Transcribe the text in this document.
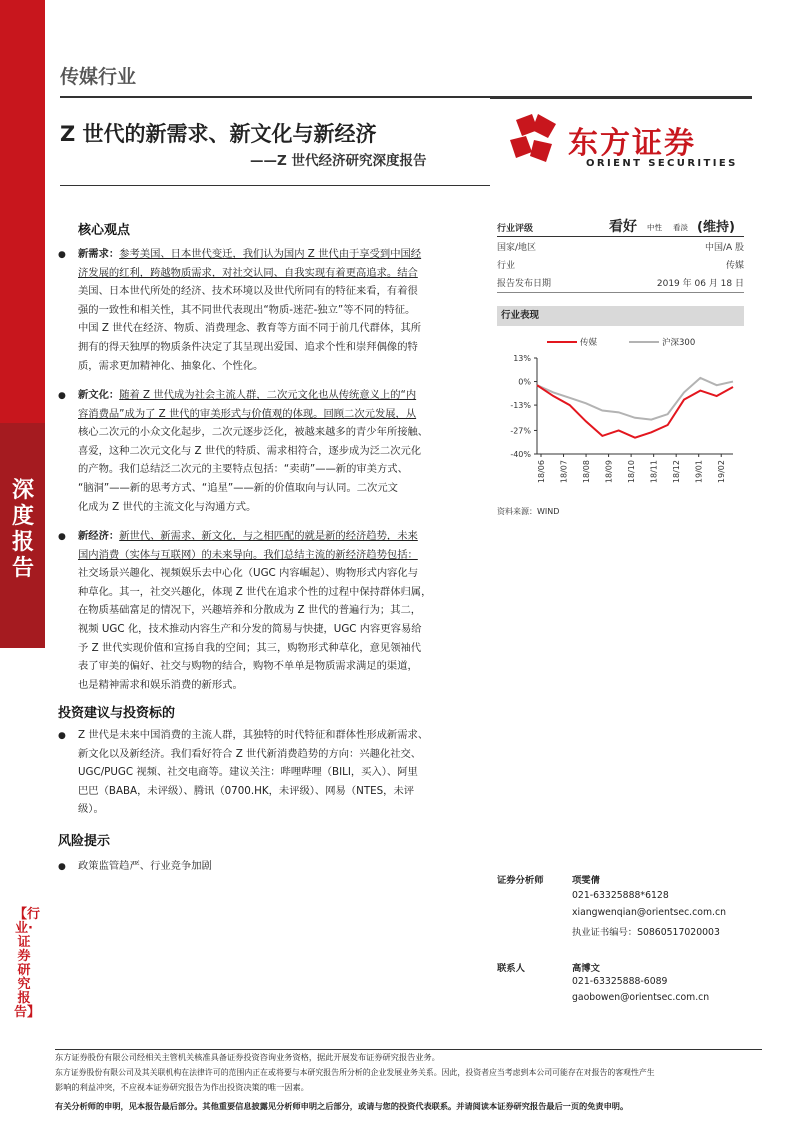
深度报告
【行业·证券研究报告】
传媒行业
Z 世代的新需求、新文化与新经济
——Z 世代经济研究深度报告	东方证券
ORIENT SECURITIES
核心观点
● 新需求：参考美国、日本世代变迁，我们认为国内 Z 世代由于享受到中国经
济发展的红利，跨越物质需求，对社交认同、自我实现有着更高追求。结合
美国、日本世代所处的经济、技术环境以及世代所同有的特征来看，有着很
强的一致性和相关性，其不同世代表现出“物质-迷茫-独立”等不同的特征。
中国 Z 世代在经济、物质、消费理念、教育等方面不同于前几代群体，其所
拥有的得天独厚的物质条件决定了其呈现出爱国、追求个性和崇拜偶像的特
质，需求更加精神化、抽象化、个性化。
● 新文化：随着 Z 世代成为社会主流人群，二次元文化也从传统意义上的“内
容消费品”成为了 Z 世代的审美形式与价值观的体现。回顾二次元发展，从
核心二次元的小众文化起步，二次元逐步泛化，被越来越多的青少年所接触、
喜爱，这种二次元文化与 Z 世代的特质、需求相符合，逐步成为泛二次元化
的产物。我们总结泛二次元的主要特点包括：“卖萌”——新的审美方式、
“脑洞”——新的思考方式、“追星”——新的价值取向与认同。二次元文
化成为 Z 世代的主流文化与沟通方式。
● 新经济：新世代、新需求、新文化，与之相匹配的就是新的经济趋势，未来
国内消费（实体与互联网）的未来导向。我们总结主流的新经济趋势包括：
社交场景兴趣化、视频娱乐去中心化（UGC 内容崛起）、购物形式内容化与
种草化。其一，社交兴趣化，体现 Z 世代在追求个性的过程中保持群体归属，
在物质基础富足的情况下，兴趣培养和分散成为 Z 世代的普遍行为；其二，
视频 UGC 化，技术推动内容生产和分发的简易与快捷，UGC 内容更容易给
予 Z 世代实现价值和宣扬自我的空间；其三，购物形式种草化，意见领袖代
表了审美的偏好、社交与购物的结合，购物不单单是物质需求满足的渠道，
也是精神需求和娱乐消费的新形式。
投资建议与投资标的
● Z 世代是未来中国消费的主流人群，其独特的时代特征和群体性形成新需求、
新文化以及新经济。我们看好符合 Z 世代新消费趋势的方向：兴趣化社交、
UGC/PUGC 视频、社交电商等。建议关注：哔哩哔哩（BILI，买入）、阿里
巴巴（BABA，未评级）、腾讯（0700.HK，未评级）、网易（NTES，未评
级）。
风险提示
● 政策监管趋严、行业竞争加剧
行业评级	看好 中性 看淡 (维持)
国家/地区	中国/A 股
行业	传媒
报告发布日期	2019 年 06 月 18 日
行业表现
13%
0%
-13%
-27%
-40%
18/06 18/07 18/08 18/09 18/10 18/11 18/12 19/01 19/02
传媒	沪深300
资料来源：WIND
证券分析师	项雯倩
021-63325888*6128
xiangwenqian@orientsec.com.cn
执业证书编号：S0860517020003
联系人	高博文
021-63325888-6089
gaobowen@orientsec.com.cn
东方证券股份有限公司经相关主管机关核准具备证券投资咨询业务资格，据此开展发布证券研究报告业务。
东方证券股份有限公司及其关联机构在法律许可的范围内正在或将要与本研究报告所分析的企业发展业务关系。因此，投资者应当考虑到本公司可能存在对报告的客观性产生
影响的利益冲突，不应视本证券研究报告为作出投资决策的唯一因素。
有关分析师的申明，见本报告最后部分。其他重要信息披露见分析师申明之后部分，或请与您的投资代表联系。并请阅读本证券研究报告最后一页的免责申明。
